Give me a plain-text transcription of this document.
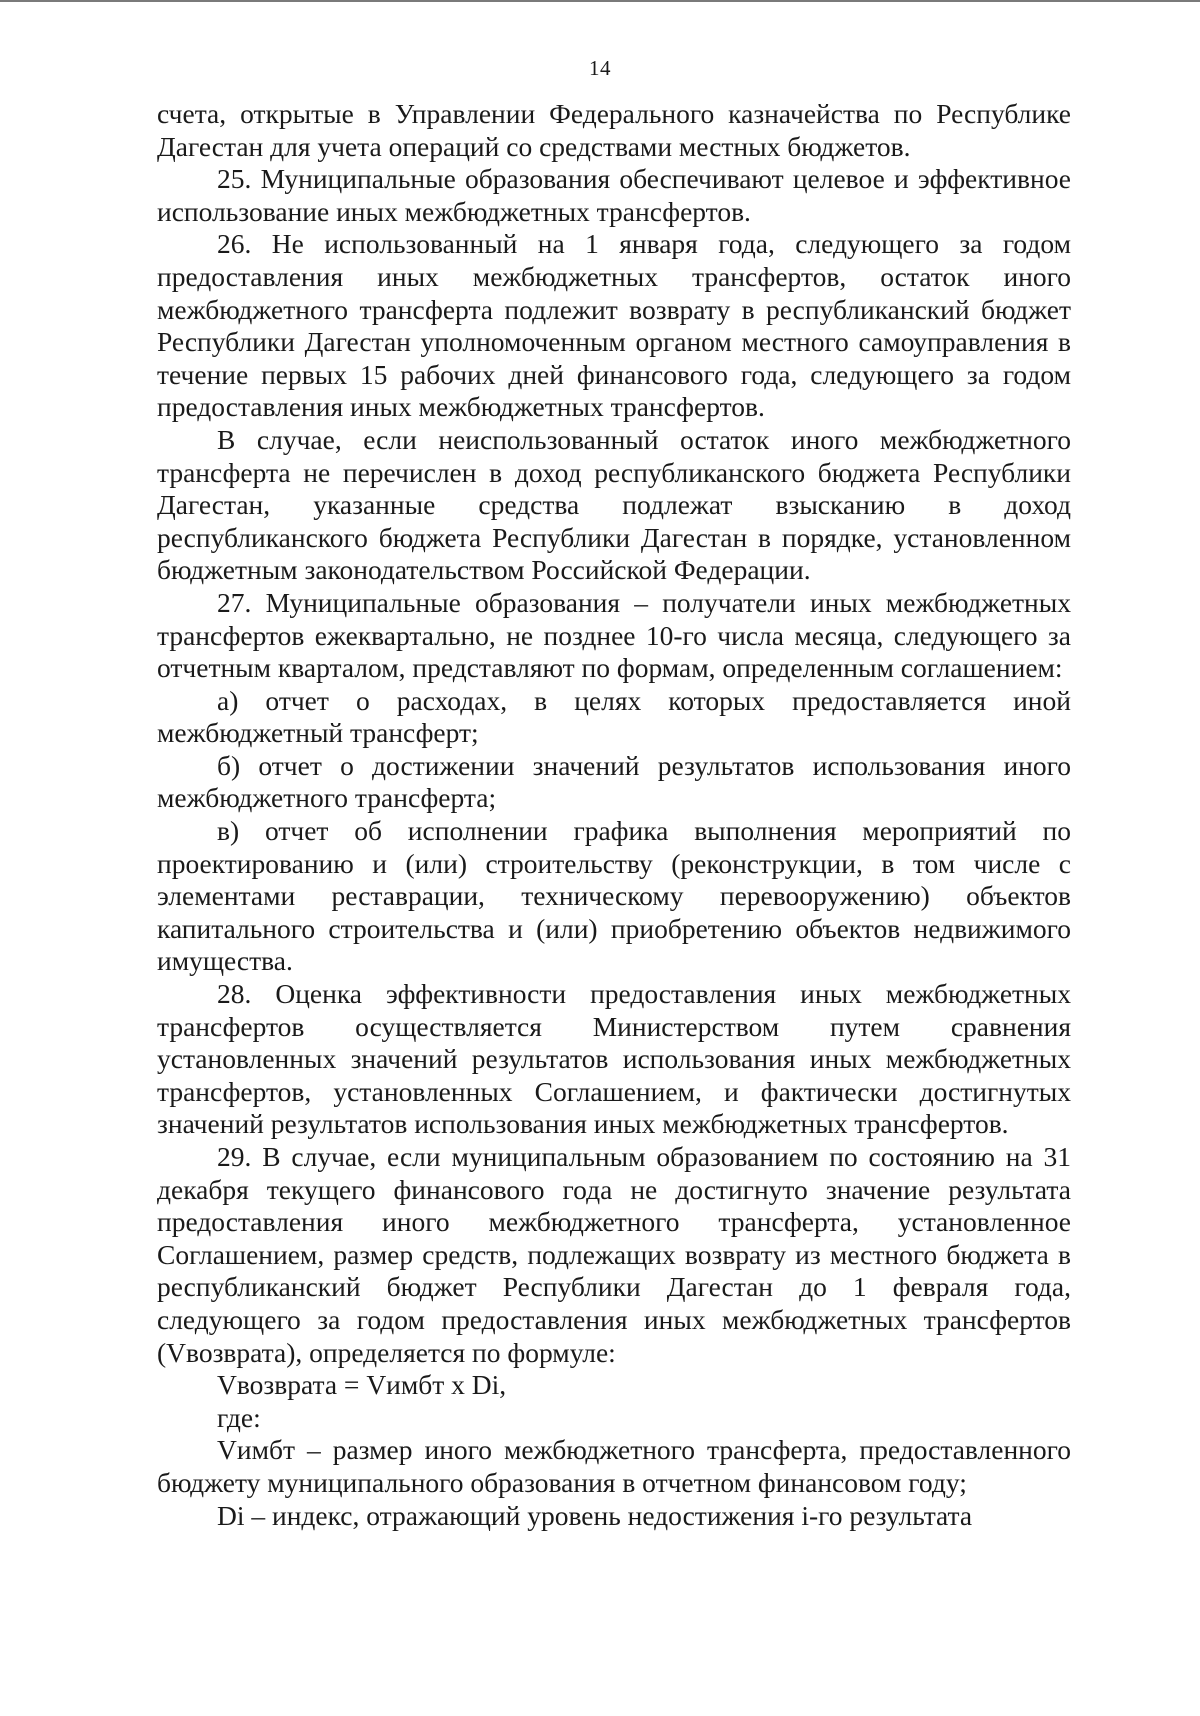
14

счета, открытые в Управлении Федерального казначейства по Республике Дагестан для учета операций со средствами местных бюджетов.

25. Муниципальные образования обеспечивают целевое и эффективное использование иных межбюджетных трансфертов.

26. Не использованный на 1 января года, следующего за годом предоставления иных межбюджетных трансфертов, остаток иного межбюджетного трансферта подлежит возврату в республиканский бюджет Республики Дагестан уполномоченным органом местного самоуправления в течение первых 15 рабочих дней финансового года, следующего за годом предоставления иных межбюджетных трансфертов.

В случае, если неиспользованный остаток иного межбюджетного трансферта не перечислен в доход республиканского бюджета Республики Дагестан, указанные средства подлежат взысканию в доход республиканского бюджета Республики Дагестан в порядке, установленном бюджетным законодательством Российской Федерации.

27. Муниципальные образования – получатели иных межбюджетных трансфертов ежеквартально, не позднее 10-го числа месяца, следующего за отчетным кварталом, представляют по формам, определенным соглашением:

а) отчет о расходах, в целях которых предоставляется иной межбюджетный трансферт;

б) отчет о достижении значений результатов использования иного межбюджетного трансферта;

в) отчет об исполнении графика выполнения мероприятий по проектированию и (или) строительству (реконструкции, в том числе с элементами реставрации, техническому перевооружению) объектов капитального строительства и (или) приобретению объектов недвижимого имущества.

28. Оценка эффективности предоставления иных межбюджетных трансфертов осуществляется Министерством путем сравнения установленных значений результатов использования иных межбюджетных трансфертов, установленных Соглашением, и фактически достигнутых значений результатов использования иных межбюджетных трансфертов.

29. В случае, если муниципальным образованием по состоянию на 31 декабря текущего финансового года не достигнуто значение результата предоставления иного межбюджетного трансферта, установленное Соглашением, размер средств, подлежащих возврату из местного бюджета в республиканский бюджет Республики Дагестан до 1 февраля года, следующего за годом предоставления иных межбюджетных трансфертов (Vвозврата), определяется по формуле:

Vвозврата = Vимбт x Di,

где:

Vимбт – размер иного межбюджетного трансферта, предоставленного бюджету муниципального образования в отчетном финансовом году;

Di – индекс, отражающий уровень недостижения i-го результата
